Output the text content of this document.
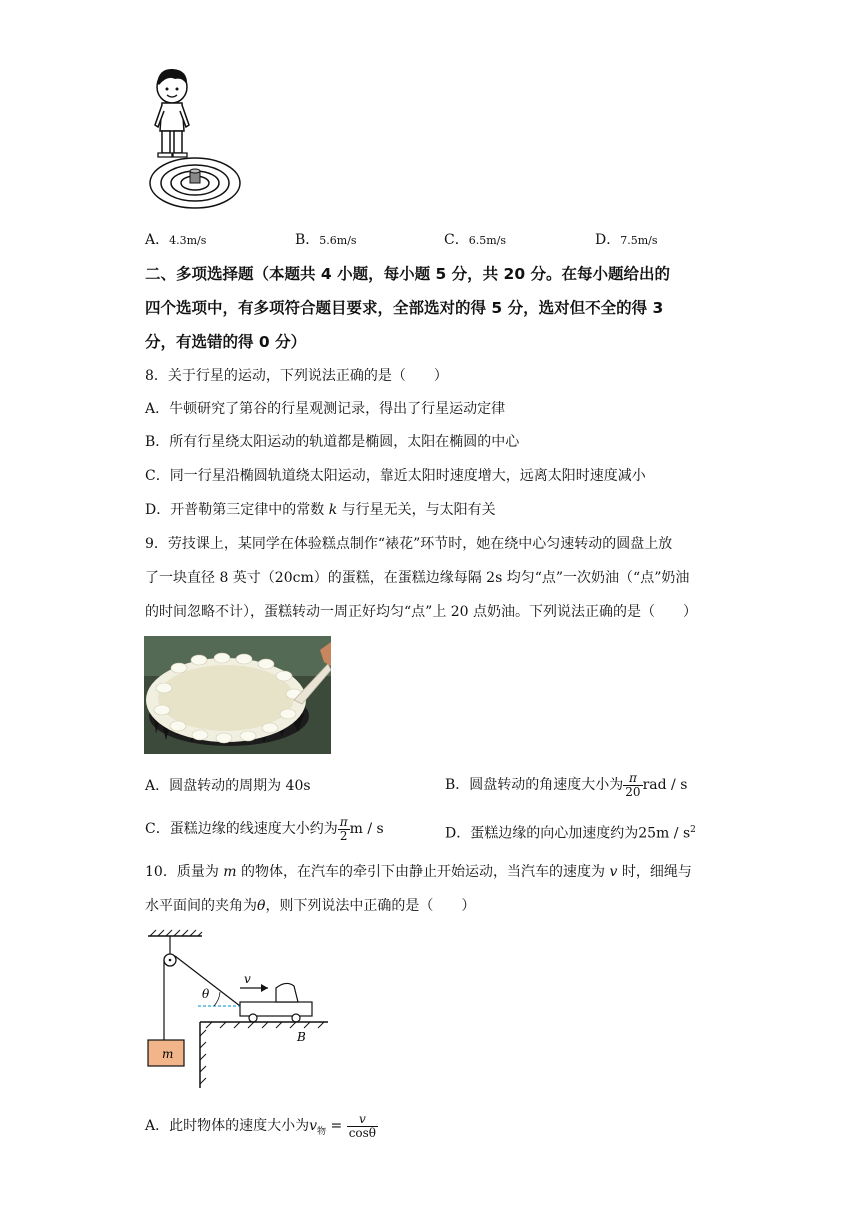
A．4.3m/s	B．5.6m/s	C．6.5m/s	D．7.5m/s
二、多项选择题（本题共 4 小题，每小题 5 分，共 20 分。在每小题给出的
四个选项中，有多项符合题目要求，全部选对的得 5 分，选对但不全的得 3
分，有选错的得 0 分）
8．关于行星的运动，下列说法正确的是（　　）
A．牛顿研究了第谷的行星观测记录，得出了行星运动定律
B．所有行星绕太阳运动的轨道都是椭圆，太阳在椭圆的中心
C．同一行星沿椭圆轨道绕太阳运动，靠近太阳时速度增大，远离太阳时速度减小
D．开普勒第三定律中的常数 k 与行星无关，与太阳有关
9．劳技课上，某同学在体验糕点制作“裱花”环节时，她在绕中心匀速转动的圆盘上放
了一块直径 8 英寸（20cm）的蛋糕，在蛋糕边缘每隔 2s 均匀“点”一次奶油（“点”奶油
的时间忽略不计），蛋糕转动一周正好均匀“点”上 20 点奶油。下列说法正确的是（　　）
A．圆盘转动的周期为 40s	B．圆盘转动的角速度大小为 $\frac{\pi}{20}$ rad / s
C．蛋糕边缘的线速度大小约为 $\frac{\pi}{2}$ m / s	D．蛋糕边缘的向心加速度约为$25m / s^2$
10．质量为 m 的物体，在汽车的牵引下由静止开始运动，当汽车的速度为 v 时，细绳与
水平面间的夹角为θ，则下列说法中正确的是（　　）
m
θ
v
B
A．此时物体的速度大小为$v_物 = \frac{v}{\cos\theta}$
